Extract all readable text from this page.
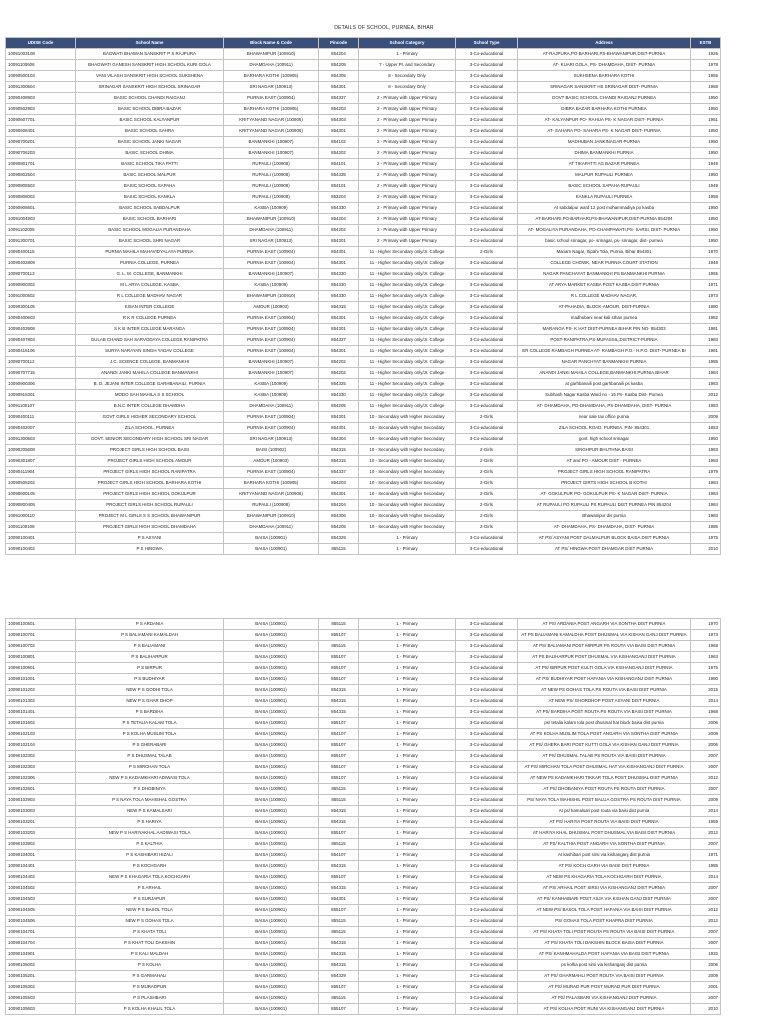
DETAILS OF SCHOOL, PURNEA, BIHAR
UDISE Code	School Name	Block Name & Code	Pincode	School Category	School Type	Address	ESTB
10091003108	BAGWATI BHAWAN SANSKRIT P S RAJPURA	BHAWANIPUR (100910)	854204	1 - Primary	3-Co-educational	AT-RAJPURA,PO-BARHARI,PS-BHAWANIPUR,DIST-PURNIA	1926
10091100606	BHAGWATI GANESH SANSKRIT HIGH SCHOOL KURI GOLA	DHAMDAHA (100911)	854205	7 - Upper Pr. and Secondary	3-Co-educational	AT- KUARI GOLA, PS- DHAMDAHA, DIST- PURNIA	1978
10090500103	VANI VILASH SANSKRIT HIGH SCHOOL SUKSHENA	BARHARA KOTHI (100905)	854305	8 - Secondary Only	3-Co-educational	SUKHSENA BARHARA KOTHI	1955
10091300504	SRINAGAR SANSKRIT HIGH SCHOOL SRINAGAR	SRI NAGAR (100913)	854301	8 - Secondary Only	3-Co-educational	SRINAGAR SANSKRIT HS SRINAGAR DIST- PURNIA	1968
10090408903	BASIC SCHOOL CHANDI RAIGANJ	PURNIA EAST (100904)	854337	2 - Primary with Upper Primary	3-Co-educational	GOVT BASIC SCHOOL CHANDI RAIGANJ PURNEA	1950
10090502903	BASIC SCHOOL DIBRA BAZAR	BARHARA KOTHI (100905)	854203	2 - Primary with Upper Primary	3-Co-educational	DIBRA BAZAR BARHARA KOTHI PURNEA	1950
10090607701	BASIC SCHOOL KALYANPUR	KRITYANAND NAGAR (100906)	854303	2 - Primary with Upper Primary	3-Co-educational	AT- KALYANPUR PO- RAHUA PS- K NAGAR DIST- PURNIA	1951
10090608401	BASIC SCHOOL SAHRA	KRITYANAND NAGAR (100906)	854301	2 - Primary with Upper Primary	3-Co-educational	AT- SAHARA PO- SAHARA PS- K NAGAR DIST- PURNIA	1950
10090700201	BASIC SCHOOL JANKI NAGAR	BANMANKHI (100907)	854102	2 - Primary with Upper Primary	3-Co-educational	MADHUBAN JANKINAGAR PURNIA	1950
10090706203	BASIC SCHOOL DHIMA	BANMANKHI (100907)	854202	2 - Primary with Upper Primary	3-Co-educational	DHIMA BANMANKHI PURNIA	1950
10090801701	BASIC SCHOOL TIKA PATTI	RUPAULI (100908)	854101	2 - Primary with Upper Primary	3-Co-educational	AT TIKAPATTI AG BAZAR PURNEA	1949
10090802504	BASIC SCHOOL MALPUR	RUPAULI (100908)	854335	2 - Primary with Upper Primary	3-Co-educational	MALPUR RUPAULI PURNEA	1950
10090805502	BASIC SCHOOL SAPAHA	RUPAULI (100908)	854101	2 - Primary with Upper Primary	3-Co-educational	BASIC SCHOOL SAPAHA RUPAULI	1949
10090808002	BASIC SCHOOL KANKLA	RUPAULI (100908)	853204	2 - Primary with Upper Primary	3-Co-educational	KANKLA RUPAULI PURNEA	1958
10090908601	BASIC SCHOOL SABDALPUR	KASBA (100909)	854330	2 - Primary with Upper Primary	3-Co-educational	At sabdalpur ward 12 post mohammadiya po kasba	1950
10091004903	BASIC SCHOOL BARHARI	BHAWANIPUR (100910)	854204	2 - Primary with Upper Primary	3-Co-educational	AT-BARHARI,PO-BARHARI,PS-BHAWANIPUR,DIST-PURNIA 854204	1950
10091102005	BASIC SCHOOL MOGALIA PURANDAHA	DHAMDAHA (100911)	854202	2 - Primary with Upper Primary	3-Co-educational	AT- MOGALIYA PURANDAHA, PO-CHAMPAWATI,PS- SARSI, DIST- PURNIA	1950
10091300701	BASIC SCHOOL SHRI NAGAR	SRI NAGAR (100913)	854301	2 - Primary with Upper Primary	3-Co-educational	basic school srinagar, po- srinagar, ps- srinagar, dist- purnea	1950
10090400115	PURNIA MAHILA MAHAVIDYALAYA PURNIA	PURNIA EAST (100904)	854301	11 - Higher Secondary only/Jr. College	2-Girls	Mariam Nagar, Sipahi Tola, Purnia, Bihar 854301	1970
10090402809	PURNIA COLLEGE, PURNEA	PURNIA EAST (100904)	854301	11 - Higher Secondary only/Jr. College	3-Co-educational	COLLEGE CHOWK, NEAR PURNIA COURT STATION	1948
10090700113	G. L. M. COLLEGE, BANMANKHI	BANMANKHI (100907)	854330	11 - Higher Secondary only/Jr. College	3-Co-educational	NAGAR PANCHAYAT BANMANKHI PS BANMANKHI PURNIA	1955
10090900302	M L ARYA COLLEGE, KASBA	KASBA (100909)	854330	11 - Higher Secondary only/Jr. College	3-Co-educational	AT ARYA MARKET KASBA POST KASBA DIST PURNIA	1971
10091000502	R L COLLEGE MADHAV NAGAR	BHAWANIPUR (100910)	854330	11 - Higher Secondary only/Jr. College	3-Co-educational	R L COLLEGE MADHAV NAGAR,	1973
10090300105	KISAN INTER COLLEGE	AMOUR (100903)	854315	11 - Higher Secondary only/Jr. College	3-Co-educational	AT-PAHADIA, BLOCK-AMOUR, DIST-PURNIA	1980
10090400603	R K R COLLEGE PURNEA	PURNIA EAST (100904)	854301	11 - Higher Secondary only/Jr. College	3-Co-educational	madhubani near kali sthan purnea	1982
10090403908	S K B INTER COLLEGE MARANGA	PURNIA EAST (100904)	854301	11 - Higher Secondary only/Jr. College	3-Co-educational	MARANGA PS- K.HAT DIST-PURNEA BIHAR PIN NO- 854303	1981
10090407803	GULAB CHAND SAH SARVODAYA COLLEGE RANIPATRA	PURNIA EAST (100904)	854337	11 - Higher Secondary only/Jr. College	3-Co-educational	POST-RANIPATRA,PS-MUFASSIL,DISTRICT-PURNIA	1983
10090416106	SURYA NARAYAN SINGH YADAV COLLEGE	PURNIA EAST (100904)	854301	11 - Higher Secondary only/Jr. College	3-Co-educational	ER COLLEGE RAMBAGH PURNEA AT- RAMBAGH P.O.- H.P.O. DIST- PURNEA BI	1981
10090700112	J.C. SCIENCE COLLEGE, BANMANKHI	BANMANKHI (100907)	854202	11 - Higher Secondary only/Jr. College	3-Co-educational	NAGAR PANCHYAT BANMANKHI PURNIA	1985
10090707715	ANANDI JANKI MAHILA COLLEGE BANMANKHI	BANMANKHI (100907)	854202	11 - Higher Secondary only/Jr. College	3-Co-educational	ANANDI JANKI MAHILA COLLEGE,BANMANKHI,PURNIA,BIHAR	1984
10090900306	B. D. JEJANI INTER COLLEGE GARHBANAILI, PURNIA	KASBA (100909)	854325	11 - Higher Secondary only/Jr. College	3-Co-educational	at garhbanaili post garhbanaili ps kasba	1983
10090915301	MODO SAH MAHILA S S SCHOOL	KASBA (100909)	854330	11 - Higher Secondary only/Jr. College	3-Co-educational	Subhash Nagar Kasba Ward no - 15 Ps- Kasba Dist- Purnea	2012
10091100107	B.N.C INTER COLLEGE DHAMDHA	DHAMDAHA (100911)	854205	11 - Higher Secondary only/Jr. College	3-Co-educational	AT- DHAMDAHA, PO-DHAMDAHA, PS-DHAMDAHA, DIST- PURNIA	1983
10090400111	GOVT GIRLS HIGHER SECONDARY SCHOOL	PURNIA EAST (100904)	854301	10 - Secondary with Higher Secondary	2-Girls	near sale tax office purnia	2009
10090402007	ZILA SCHOOL, PURNEA	PURNIA EAST (100904)	854301	10 - Secondary with Higher Secondary	3-Co-educational	ZILA SCHOOL ROAD, PURNEA. PIN- 854301	1853
10091300503	GOVT. SENIOR SECONDARY HIGH SCHOOL SRI NAGAR	SRI NAGAR (100913)	854304	10 - Secondary with Higher Secondary	3-Co-educational	govt. high school srinagar	1950
10090205608	PROJECT GIRLS HIGH SCHOOL BAISI	BAISI (100902)	854315	10 - Secondary with Higher Secondary	2-Girls	SINGHPUR BHUTHNA BAISI	1983
10090301807	PROJECT GIRLS HIGH SCHOOL AMOUR	AMOUR (100903)	854315	10 - Secondary with Higher Secondary	2-Girls	AT and PO - AMOUR DIST - PURNEA	1983
10090411904	PROJECT GIRLS HIGH SCHOOL RANIPATRA	PURNIA EAST (100904)	854337	10 - Secondary with Higher Secondary	2-Girls	PROJECT GIRLS HIGH SCHOOL RANIPATRA	1979
10090505202	PROJECT GIRLS HIGH SCHOOL BARHARA KOTHI	BARHARA KOTHI (100905)	854203	10 - Secondary with Higher Secondary	2-Girls	PROJECT GIRTS HIGH SCHOOL B KOTHI	1984
10090600105	PROJECT GIRLS HIGH SCHOOL GOKULPUR	KRITYANAND NAGAR (100906)	854301	10 - Secondary with Higher Secondary	2-Girls	AT- GOKULPUR PO- GOKULPUR PS- K NAGAR DIST- PURNIA	1984
10090800405	PROJECT GIRLS HIGH SCHOOL RUPAULI	RUPAULI (100908)	854204	10 - Secondary with Higher Secondary	2-Girls	AT RUPAULI PO RUPAULI PS RUPAULI DIST PURNEA PIN 854204	1984
10091000110	PROJECT M L GIRLS S S SCHOOL BHAWANIPUR	BHAWANIPUR (100910)	854306	10 - Secondary with Higher Secondary	2-Girls	Bhawanipur dis purnia	1983
10091100108	PROJECT GIRLS HIGH SCHOOL DHAMDAHA	DHAMDAHA (100911)	854205	10 - Secondary with Higher Secondary	2-Girls	AT- DHAMDAHA, PS- DHAMDAHA, DIST- PURNIA	1985
10090100401	P S ASYANI	BAISA (100901)	854329	1 - Primary	3-Co-educational	AT PS/ ASYANI POST DALMALPUR BLOCK BAISA DIST PURNIA	1975
10090100402	P S HINGWA	BAISA (100901)	855115	1 - Primary	3-Co-educational	AT PS/ HINGWA POST DHAMGAR DIST PURNIA	2010
10090100501	P S ARDANIA	BAISA (100901)	855115	1 - Primary	3-Co-educational	AT PS/ ARDANIA POST ANGARH VIA SONTHA DIST PURNIA	1970
10090100701	P S BALIAMANI KAMALDAH	BAISA (100901)	855107	1 - Primary	3-Co-educational	AT PS BALIAMANI KAMALDHA POST DHUSMAL VIA KISHAN GANJ DIST PURNIA	1973
10090100702	P S BALIAMANI	BAISA (100901)	855115	1 - Primary	3-Co-educational	AT PS/ BALIAMANI POST MIRPUR PS ROUTA VIA BAISI DIST PURNIA	1968
10090100801	P S BALIHARPUR	BAISA (100901)	855107	1 - Primary	3-Co-educational	AT PS BALIHARPUR POST DHUSMAL VIA KISHANGANJ DIST PURNIA	1963
10090100901	P S BIRPUR	BAISA (100901)	855107	1 - Primary	3-Co-educational	AT PS/ BIRPUR POST KULTI GOLA VIA KISHANGANJ DIST PURNIA	1975
10090101001	P S BUDHIYAR	BAISA (100901)	855107	1 - Primary	3-Co-educational	AT PS/ BUDHIYAR POST HAFANIA VIA KISHANGANJ DIST PURNIA	1980
10090101202	NEW P S GODHI TOLA	BAISA (100901)	854315	1 - Primary	3-Co-educational	AT NEW PS GOHAS TOLA PS ROUTA VIA BAISI DIST PURNIA	2015
10090101302	NEW P S GHAR DHOP	BAISA (100901)	854315	1 - Primary	3-Co-educational	AT NEW PS/ GHORDHOP POST ASYANI DIST PURNIA	2014
10090101401	P S BARDIHA	BAISA (100901)	854315	1 - Primary	3-Co-educational	AT PS/ BARDIHA POST ROUTA PS ROUTA VIA BAISI DIST PURNIA	1968
10090101602	P S TETALIA KALAM TOLA	BAISA (100901)	855107	1 - Primary	3-Co-educational	ps/ tetalia kalam tola post dhusmal hat block baisa dist purnia	2006
10090102103	P S KOLHA MUSLIM TOLA	BAISA (100901)	854107	1 - Primary	3-Co-educational	AT PS KOLHA MUSLIM TOLA POST ANGARH VIA SONTHA DIST PURNIA	2009
10090102104	P S GHERABARI	BAISA (100901)	855107	1 - Primary	3-Co-educational	AT PS/ GHERA BARI POST KUTTI GOLA VIA KISHAN GANJ DIST PURNIA	2006
10090102302	P S DHUSMAL TALAB	BAISA (100901)	855107	1 - Primary	3-Co-educational	AT PS/ DHUSMAL TALAB PS ROUTA VIA BAISI DIST PURNIA	2007
10090102303	P S MIRCHAN TOLA	BAISA (100901)	855107	1 - Primary	3-Co-educational	AT PS/ MIRCHAN TOLA POST DHUSMAL HAT VIA KISHANGANJ DIST PURNIA	2007
10090102306	NEW P S KADAMKHARI ADIWASI TOLA	BAISA (100901)	855107	1 - Primary	3-Co-educational	AT NEW PS KADAMKHARI TIKKAR TOLA POST DHUSMAL DIST PURNIA	2012
10090102601	P S DHOBINIYA	BAISA (100901)	855115	1 - Primary	3-Co-educational	AT PS/ DHOBANIYA POST ROUTA PS ROUTA DIST PURNIA	2007
10090102903	P S NAYA TOLA MAHISHAL GOSTRA	BAISA (100901)	855115	1 - Primary	3-Co-educational	PS/ NAYA TOLA MAHISHIL POST BALUA GOSTRA PS ROUTA DIST PURNIA	2009
10090103003	NEW P S KAMALSARI	BAISA (100901)	854315	1 - Primary	3-Co-educational	At ps/ kamalsari post routa via baisi dist purnia	2014
10090103201	P S HARIYA	BAISA (100901)	854315	1 - Primary	3-Co-educational	AT PS/ HARIYA POST ROUTA VIA BAISI DIST PURNIA	1959
10090103203	NEW P S HARIYAKHAL AADIWASI TOLA	BAISA (100901)	855107	1 - Primary	3-Co-educational	AT HARIYA KHAL DHUSMAL POST DHUSMAL VIA BAISI DIST PURNIA	2012
10090103902	P S KALTHIA	BAISA (100901)	855115	1 - Primary	3-Co-educational	AT PS/ KALTHIA POST ANGARH VIA SONTHA DIST PURNIA	2007
10090104001	P S KASHIBARI HIZALI	BAISA (100901)	854107	1 - Primary	3-Co-educational	At kashibari post sirsi via kishanganj dist purnia	1971
10090104401	P S KOCHGARH	BAISA (100901)	854315	1 - Primary	3-Co-educational	AT PS/ KOCH GARH VIA BAISI DIST PURNIA	1985
10090104402	NEW P S KHAGARIA TOLA KOCHGARH	BAISA (100901)	855107	1 - Primary	3-Co-educational	AT NEW PS KHAGARIA TOLA KOCHGARH DIST PURNIA	2014
10090104502	P S ARHAIL	BAISA (100901)	854315	1 - Primary	3-Co-educational	AT PS/ ARHAIL POST SIRSI VIA KISHANGANJ DIST PURNIA	2007
10090104503	P S SURJAPUR	BAISA (100901)	854301	1 - Primary	3-Co-educational	AT PS/ KANHAIBARI POST ASJA VIA KISHAN GANJ DIST PURNIA	2007
10090104505	NEW P S BASOL TOLA	BAISA (100901)	855107	1 - Primary	3-Co-educational	AT NEW PS/ BASOL TOLA POST HAFANIA VIA BAISI DIST PURNIA	2012
10090104506	NEW P S GOHAS TOLA	BAISA (100901)	855115	1 - Primary	3-Co-educational	PS/ GOHAS TOLA POST KHAPRA DIST PURNIA	2012
10090104701	P S KHATA TOLI	BAISA (100901)	855115	1 - Primary	3-Co-educational	AT PS/ KHATA TOLI POST ROUTA PS ROUTA VIA BAISI DIST PURNIA	2007
10090104704	P S KHAT TOLI DAKSHIN	BAISA (100901)	854315	1 - Primary	3-Co-educational	AT PS/ KHATA TOLI DAKSHIN BLOCK BAISA DIST PURNIA	2007
10090104901	P S KALI MALDAH	BAISA (100901)	854315	1 - Primary	3-Co-educational	AT PS/ KANHMAHALDA POST HAFANIA VIA BAISI DIST PURNIA	1932
10090105002	P S KOLHA	BAISA (100901)	854315	1 - Primary	3-Co-educational	ps kolha post sirsi via kishanganj dist purnia	2006
10090105201	P S GARMAHALI	BAISA (100901)	854329	1 - Primary	3-Co-educational	AT PS/ GHARMAHLI POST ROUTA VIA BAISI DIST PURNIA	2009
10090105302	P S MURADPUR	BAISA (100901)	855107	1 - Primary	3-Co-educational	AT PS/ MURAD PUR POST MURAD PUR DIST PURNIA	2001
10090105503	P S PLASHBARI	BAISA (100901)	855115	1 - Primary	3-Co-educational	AT PS/ PALASBARI VIA KISHANGANJ DIST PURNIA	2007
10090105603	P S KOLHA KHALIL TOLA	BAISA (100901)	855107	1 - Primary	3-Co-educational	AT PS/ KOLHA POST RUNI VIA KISHANGANJ DIST PURNIA	2010
